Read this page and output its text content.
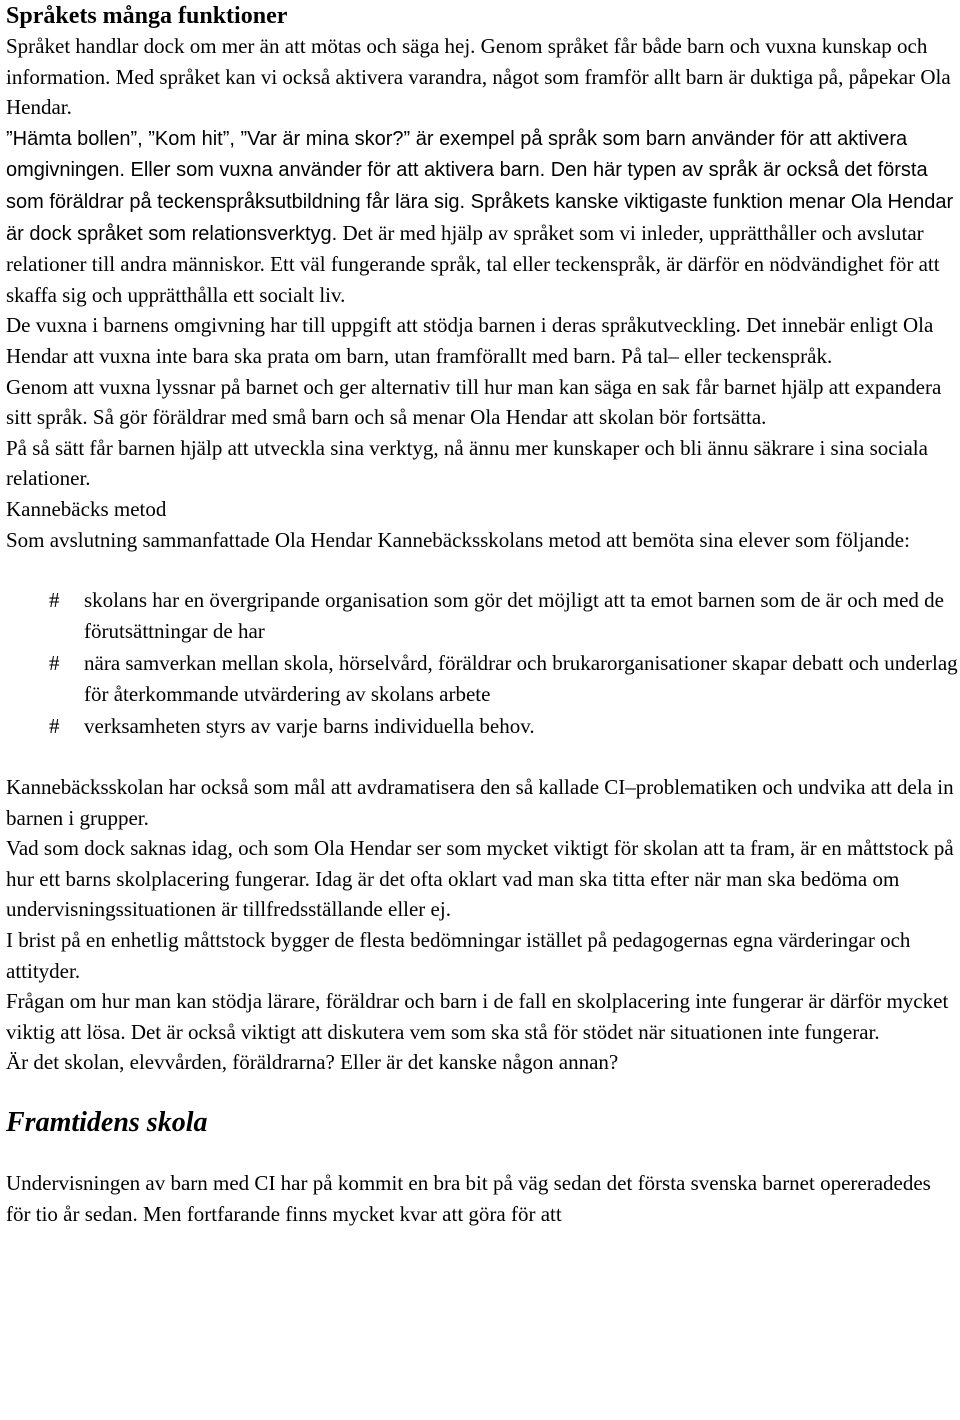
Språkets många funktioner

Språket handlar dock om mer än att mötas och säga hej. Genom språket får både barn och vuxna kunskap och information. Med språket kan vi också aktivera varandra, något som framför allt barn är duktiga på, påpekar Ola Hendar.

”Hämta bollen”, ”Kom hit”, ”Var är mina skor?” är exempel på språk som barn använder för att aktivera omgivningen. Eller som vuxna använder för att aktivera barn. Den här typen av språk är också det första som föräldrar på teckenspråksutbildning får lära sig. Språkets kanske viktigaste funktion menar Ola Hendar är dock språket som relationsverktyg. Det är med hjälp av språket som vi inleder, upprätthåller och avslutar relationer till andra människor. Ett väl fungerande språk, tal eller teckenspråk, är därför en nödvändighet för att skaffa sig och upprätthålla ett socialt liv.

De vuxna i barnens omgivning har till uppgift att stödja barnen i deras språkutveckling. Det innebär enligt Ola Hendar att vuxna inte bara ska prata om barn, utan framförallt med barn. På tal– eller teckenspråk.

Genom att vuxna lyssnar på barnet och ger alternativ till hur man kan säga en sak får barnet hjälp att expandera sitt språk. Så gör föräldrar med små barn och så menar Ola Hendar att skolan bör fortsätta.

På så sätt får barnen hjälp att utveckla sina verktyg, nå ännu mer kunskaper och bli ännu säkrare i sina sociala relationer.

Kannebäcks metod

Som avslutning sammanfattade Ola Hendar Kannebäcksskolans metod att bemöta sina elever som följande:

# skolans har en övergripande organisation som gör det möjligt att ta emot barnen som de är och med de förutsättningar de har
# nära samverkan mellan skola, hörselvård, föräldrar och brukarorganisationer skapar debatt och underlag för återkommande utvärdering av skolans arbete
# verksamheten styrs av varje barns individuella behov.

Kannebäcksskolan har också som mål att avdramatisera den så kallade CI–problematiken och undvika att dela in barnen i grupper.

Vad som dock saknas idag, och som Ola Hendar ser som mycket viktigt för skolan att ta fram, är en måttstock på hur ett barns skolplacering fungerar. Idag är det ofta oklart vad man ska titta efter när man ska bedöma om undervisningssituationen är tillfredsställande eller ej.

I brist på en enhetlig måttstock bygger de flesta bedömningar istället på pedagogernas egna värderingar och attityder.

Frågan om hur man kan stödja lärare, föräldrar och barn i de fall en skolplacering inte fungerar är därför mycket viktig att lösa. Det är också viktigt att diskutera vem som ska stå för stödet när situationen inte fungerar.

Är det skolan, elevvården, föräldrarna? Eller är det kanske någon annan?

Framtidens skola

Undervisningen av barn med CI har på kommit en bra bit på väg sedan det första svenska barnet opereradedes för tio år sedan. Men fortfarande finns mycket kvar att göra för att
